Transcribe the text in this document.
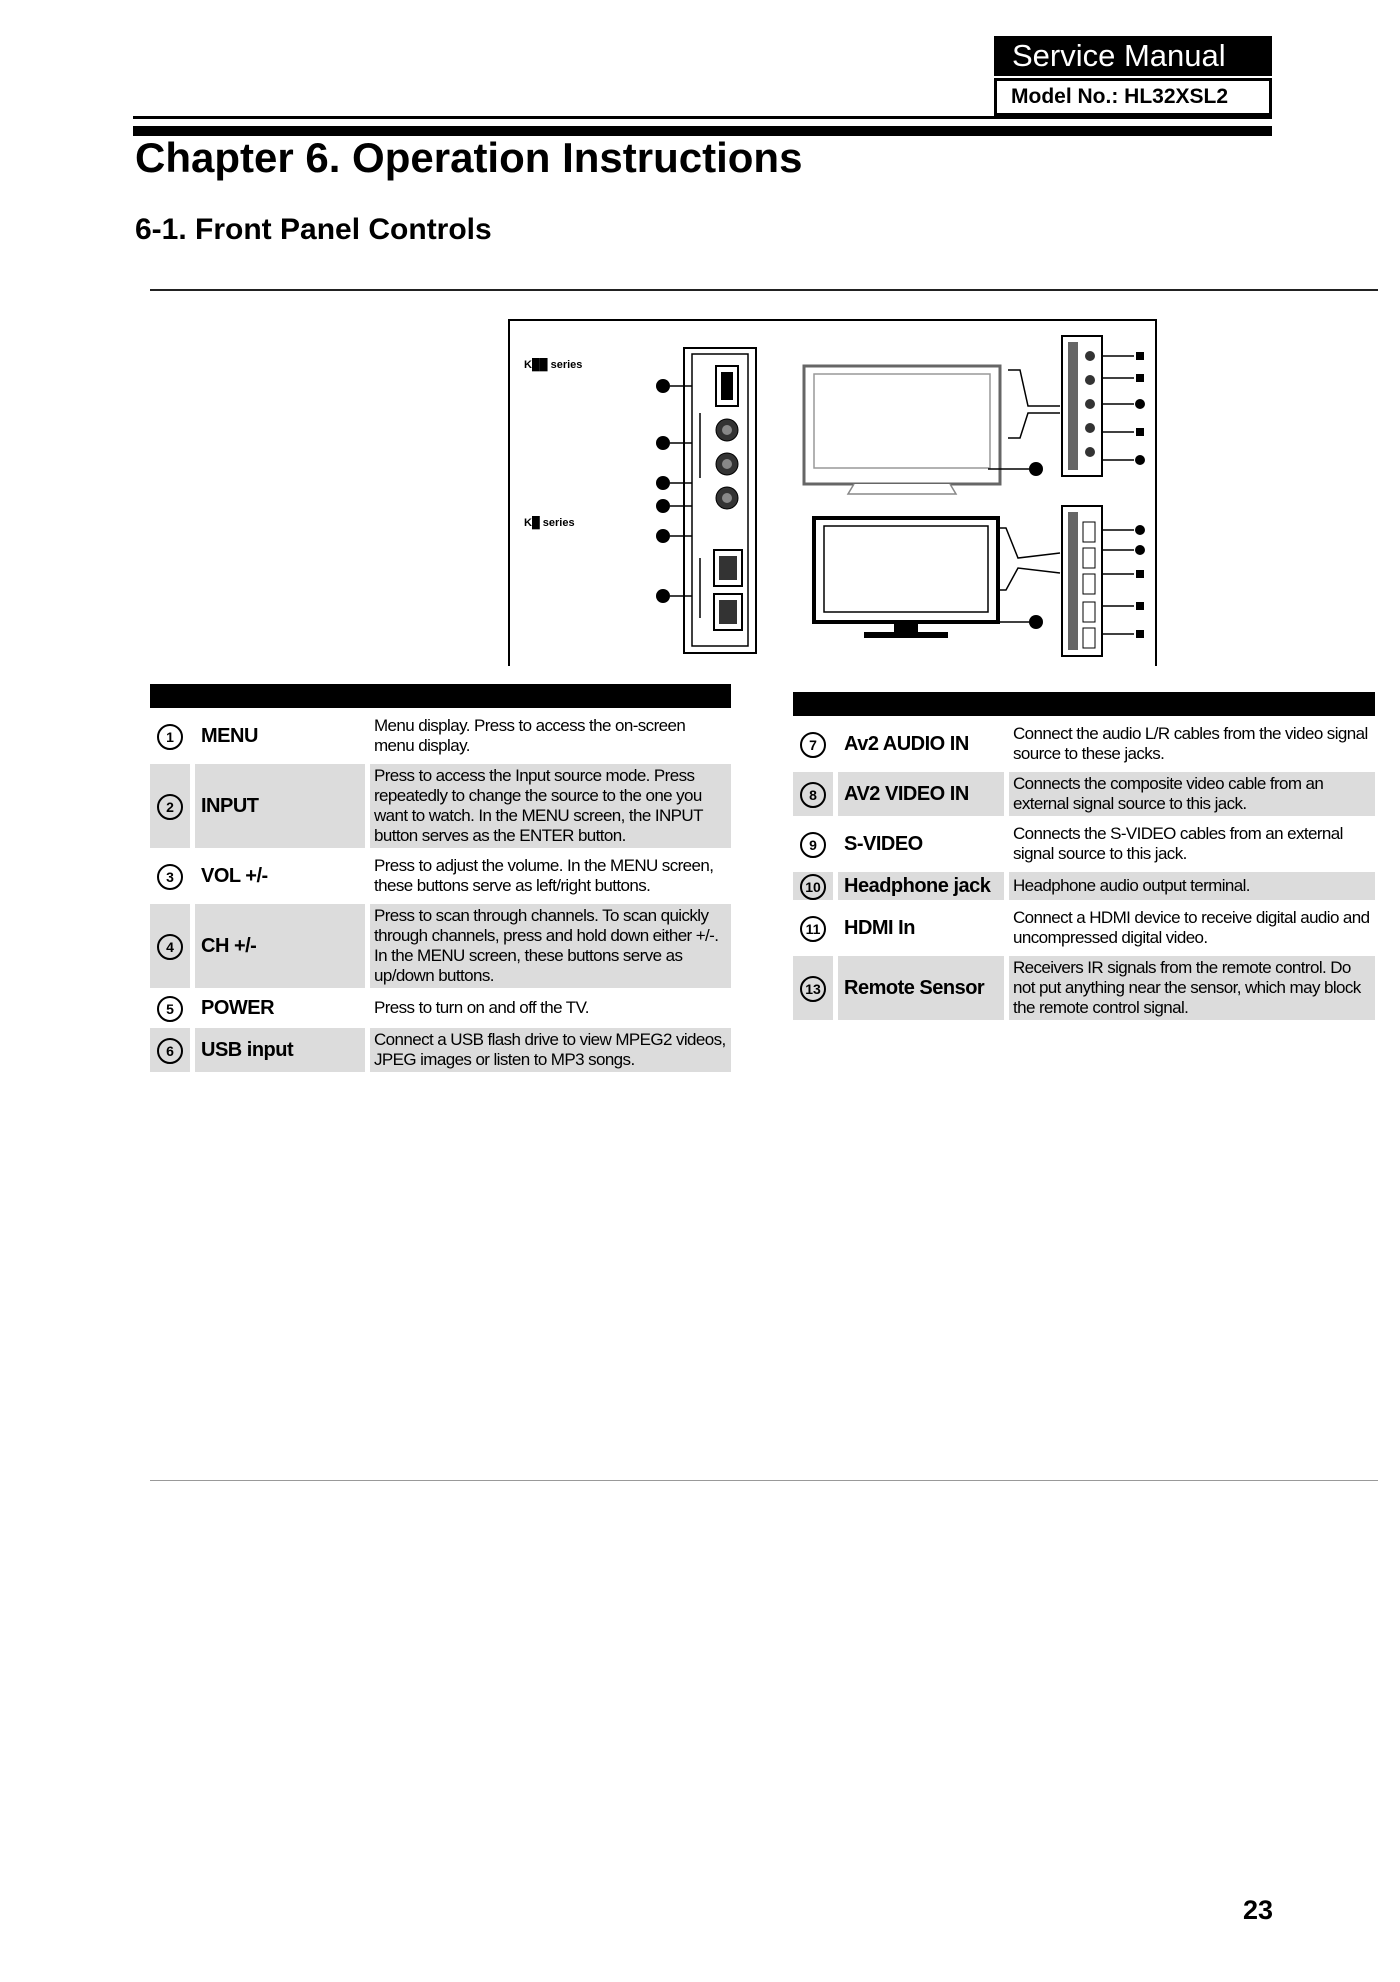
Service Manual
Model No.: HL32XSL2
Chapter 6. Operation Instructions
6-1. Front Panel Controls
K██ series
K█ series

1		MENU		Menu display. Press to access the on-screen menu display.
2		INPUT		Press to access the Input source mode. Press repeatedly to change the source to the one you want to watch. In the MENU screen, the INPUT button serves as the ENTER button.
3		VOL +/-		Press to adjust the volume. In the MENU screen, these buttons serve as left/right buttons.
4		CH +/-		Press to scan through channels. To scan quickly through channels, press and hold down either +/-. In the MENU screen, these buttons serve as up/down buttons.
5		POWER		Press to turn on and off the TV.
6		USB input		Connect a USB flash drive to view MPEG2 videos, JPEG images or listen to MP3 songs.

7		Av2 AUDIO IN		Connect the audio L/R cables from the video signal source to these jacks.
8		AV2 VIDEO IN		Connects the composite video cable from an external signal source to this jack.
9		S-VIDEO		Connects the S-VIDEO cables from an external signal source to this jack.
10		Headphone jack		Headphone audio output terminal.
11		HDMI In		Connect a HDMI device to receive digital audio and uncompressed digital video.
13		Remote Sensor		Receivers IR signals from the remote control. Do not put anything near the sensor, which may block the remote control signal.
23
